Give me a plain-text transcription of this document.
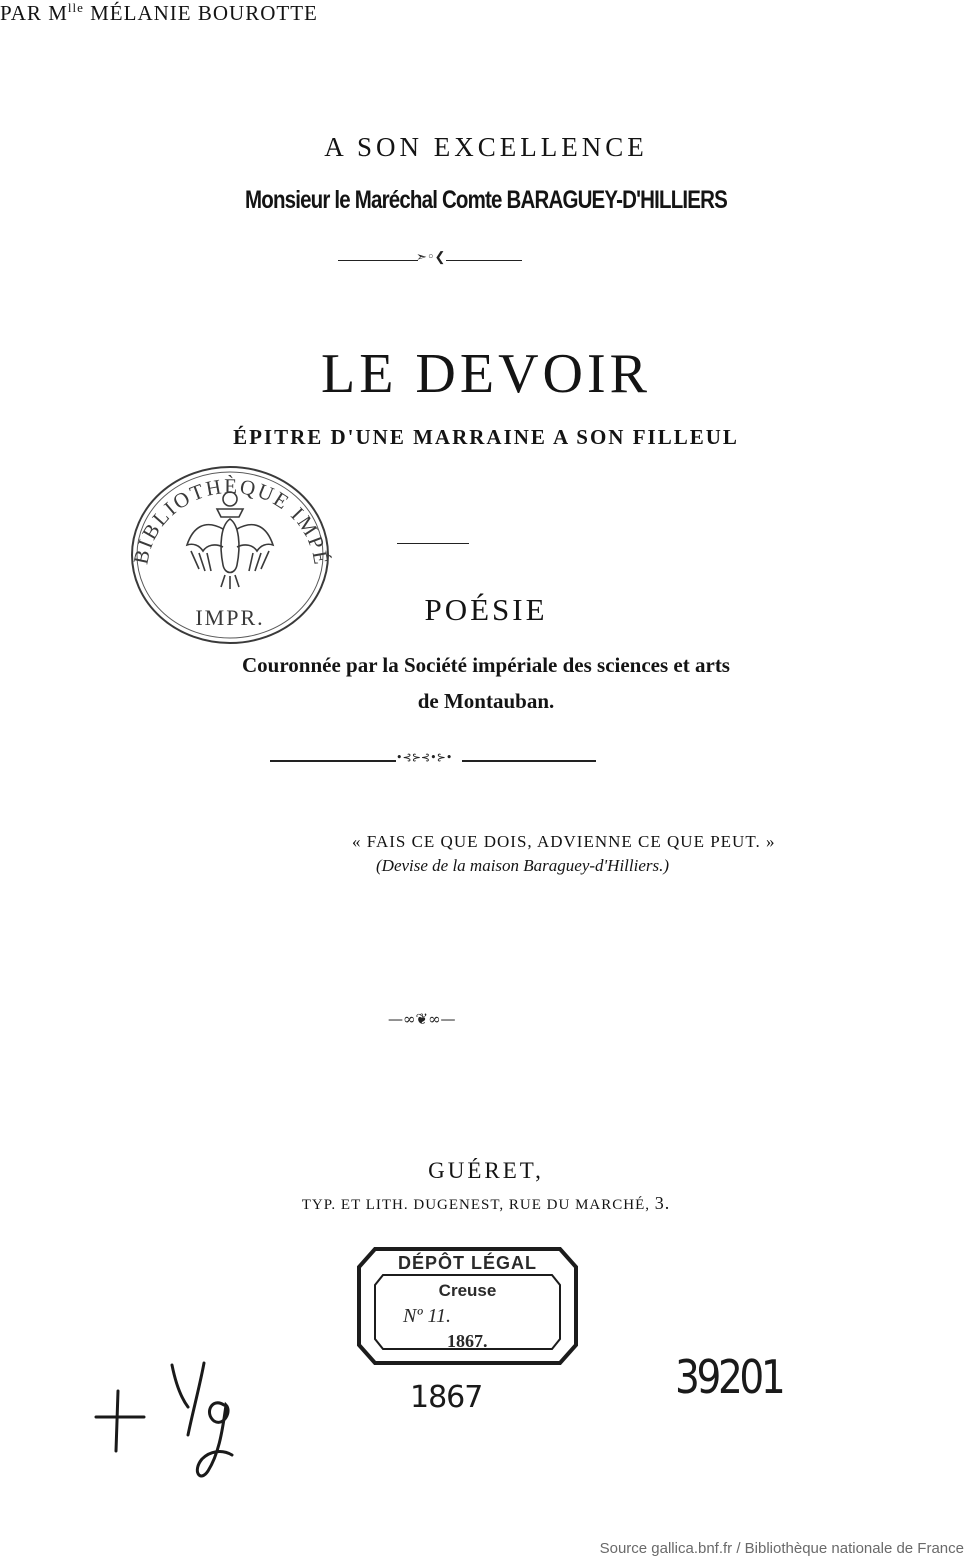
A SON EXCELLENCE
Monsieur le Maréchal Comte BARAGUEY-D'HILLIERS
➣◦❮
LE DEVOIR
ÉPITRE D'UNE MARRAINE A SON FILLEUL
PAR $M^{lle}$ MÉLANIE BOUROTTE
POÉSIE
Couronnée par la Société impériale des sciences et arts
de Montauban.
•⊰⊱⊰•⊱•
« FAIS CE QUE DOIS, ADVIENNE CE QUE PEUT. »
(Devise de la maison Baraguey-d'Hilliers.)
—∞❦∞—
GUÉRET,
TYP. ET LITH. DUGENEST, RUE DU MARCHÉ, 3.
BIBLIOTHÈQUE IMPÉ
IMPR.
DÉPÔT LÉGAL
Creuse
Nº 11.
1867.
1867	39201
Source gallica.bnf.fr / Bibliothèque nationale de France
